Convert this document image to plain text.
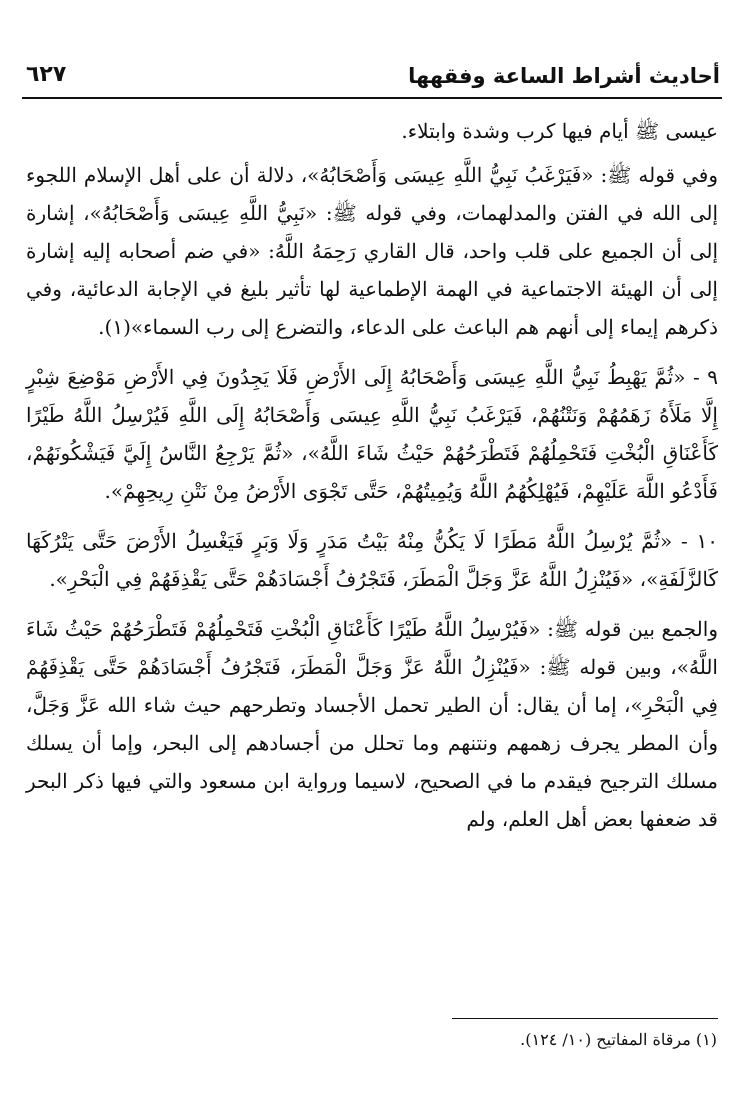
أحاديث أشراط الساعة وفقهها
٦٢٧

عيسى ﷺ أيام فيها كرب وشدة وابتلاء.

وفي قوله ﷺ: «فَيَرْغَبُ نَبِيُّ اللَّهِ عِيسَى وَأَصْحَابُهُ»، دلالة أن على أهل الإسلام اللجوء إلى الله في الفتن والمدلهمات، وفي قوله ﷺ: «نَبِيُّ اللَّهِ عِيسَى وَأَصْحَابُهُ»، إشارة إلى أن الجميع على قلب واحد، قال القاري رَحِمَهُ اللَّهُ: «في ضم أصحابه إليه إشارة إلى أن الهيئة الاجتماعية في الهمة الإطماعية لها تأثير بليغ في الإجابة الدعائية، وفي ذكرهم إيماء إلى أنهم هم الباعث على الدعاء، والتضرع إلى رب السماء»(١).

٩ - «ثُمَّ يَهْبِطُ نَبِيُّ اللَّهِ عِيسَى وَأَصْحَابُهُ إِلَى الأَرْضِ فَلَا يَجِدُونَ فِي الأَرْضِ مَوْضِعَ شِبْرٍ إِلَّا مَلَأَهُ زَهَمُهُمْ وَنَتْنُهُمْ، فَيَرْغَبُ نَبِيُّ اللَّهِ عِيسَى وَأَصْحَابُهُ إِلَى اللَّهِ فَيُرْسِلُ اللَّهُ طَيْرًا كَأَعْنَاقِ الْبُخْتِ فَتَحْمِلُهُمْ فَتَطْرَحُهُمْ حَيْثُ شَاءَ اللَّهُ»، «ثُمَّ يَرْجِعُ النَّاسُ إِلَيَّ فَيَشْكُونَهُمْ، فَأَدْعُو اللَّهَ عَلَيْهِمْ، فَيُهْلِكُهُمُ اللَّهُ وَيُمِيتُهُمْ، حَتَّى تَجْوَى الأَرْضُ مِنْ نَتْنِ رِيحِهِمْ».

١٠ - «ثُمَّ يُرْسِلُ اللَّهُ مَطَرًا لَا يَكُنُّ مِنْهُ بَيْتُ مَدَرٍ وَلَا وَبَرٍ فَيَغْسِلُ الأَرْضَ حَتَّى يَتْرُكَهَا كَالزَّلَفَةِ»، «فَيُنْزِلُ اللَّهُ عَزَّ وَجَلَّ الْمَطَرَ، فَتَجْرُفُ أَجْسَادَهُمْ حَتَّى يَقْذِفَهُمْ فِي الْبَحْرِ».

والجمع بين قوله ﷺ: «فَيُرْسِلُ اللَّهُ طَيْرًا كَأَعْنَاقِ الْبُخْتِ فَتَحْمِلُهُمْ فَتَطْرَحُهُمْ حَيْثُ شَاءَ اللَّهُ»، وبين قوله ﷺ: «فَيُنْزِلُ اللَّهُ عَزَّ وَجَلَّ الْمَطَرَ، فَتَجْرُفُ أَجْسَادَهُمْ حَتَّى يَقْذِفَهُمْ فِي الْبَحْرِ»، إما أن يقال: أن الطير تحمل الأجساد وتطرحهم حيث شاء الله عَزَّ وَجَلَّ، وأن المطر يجرف زهمهم ونتنهم وما تحلل من أجسادهم إلى البحر، وإما أن يسلك مسلك الترجيح فيقدم ما في الصحيح، لاسيما ورواية ابن مسعود والتي فيها ذكر البحر قد ضعفها بعض أهل العلم، ولم

(١) مرقاة المفاتيح (١٠/ ١٢٤).
